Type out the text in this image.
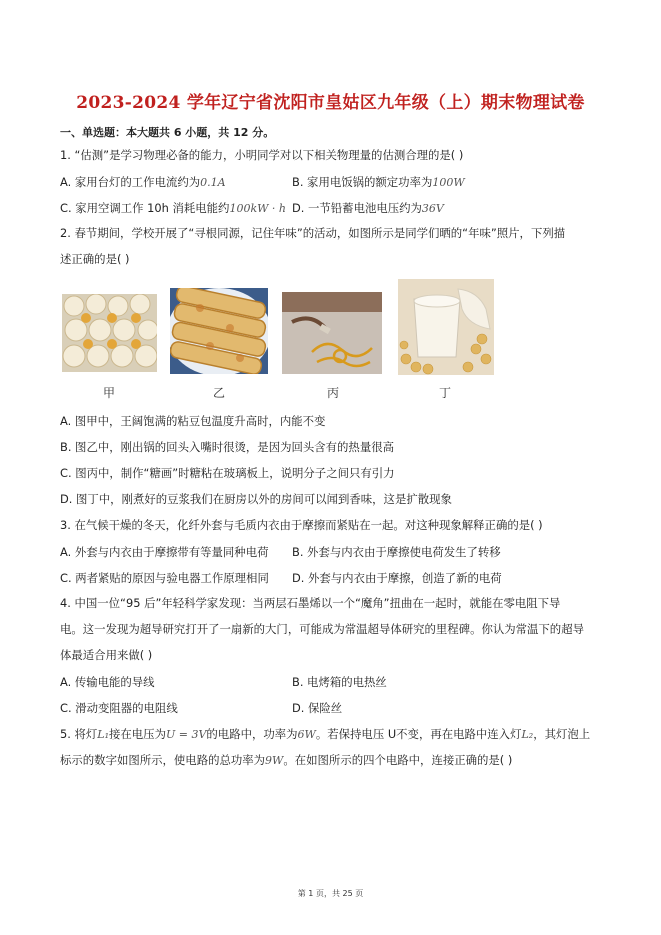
2023-2024 学年辽宁省沈阳市皇姑区九年级（上）期末物理试卷
一、单选题：本大题共 6 小题，共 12 分。
1. “估测”是学习物理必备的能力，小明同学对以下相关物理量的估测合理的是( )
A. 家用台灯的工作电流约为0.1A	B. 家用电饭锅的额定功率为100W
C. 家用空调工作 10h 消耗电能约100kW · h D. 一节铅蓄电池电压约为36V
2. 春节期间，学校开展了“寻根同源，记住年味”的活动，如图所示是同学们晒的“年味”照片，下列描
述正确的是( )
甲	乙	丙	丁
A. 图甲中，王阔饱满的粘豆包温度升高时，内能不变
B. 图乙中，刚出锅的回头入嘴时很烫，是因为回头含有的热量很高
C. 图丙中，制作“糖画”时糖粘在玻璃板上，说明分子之间只有引力
D. 图丁中，刚煮好的豆浆我们在厨房以外的房间可以闻到香味，这是扩散现象
3. 在气候干燥的冬天，化纤外套与毛质内衣由于摩擦而紧贴在一起。对这种现象解释正确的是( )
A. 外套与内衣由于摩擦带有等量同种电荷 B. 外套与内衣由于摩擦使电荷发生了转移
C. 两者紧贴的原因与验电器工作原理相同 D. 外套与内衣由于摩擦，创造了新的电荷
4. 中国一位“95 后”年轻科学家发现：当两层石墨烯以一个“魔角”扭曲在一起时，就能在零电阻下导
电。这一发现为超导研究打开了一扇新的大门，可能成为常温超导体研究的里程碑。你认为常温下的超导
体最适合用来做( )
A. 传输电能的导线	B. 电烤箱的电热丝
C. 滑动变阻器的电阻线	D. 保险丝
5. 将灯L₁接在电压为U = 3V的电路中，功率为6W。若保持电压 U不变，再在电路中连入灯L₂，其灯泡上
标示的数字如图所示，使电路的总功率为9W。在如图所示的四个电路中，连接正确的是( )
第 1 页，共 25 页
